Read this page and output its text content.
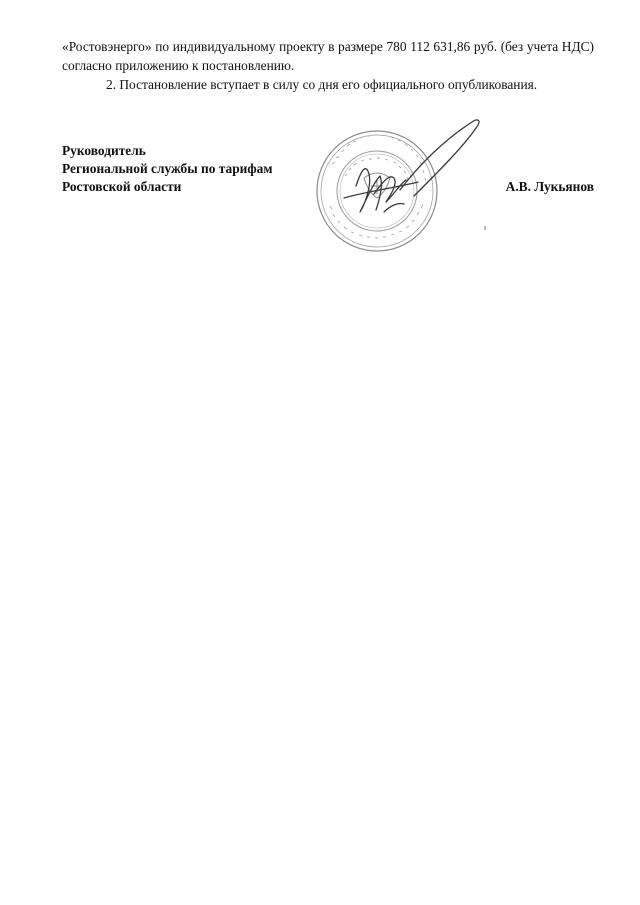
«Ростовэнерго» по индивидуальному проекту в размере 780 112 631,86 руб. (без учета НДС) согласно приложению к постановлению.

2. Постановление вступает в силу со дня его официального опубликования.

Руководитель
Региональной службы по тарифам
Ростовской области	А.В. Лукьянов
